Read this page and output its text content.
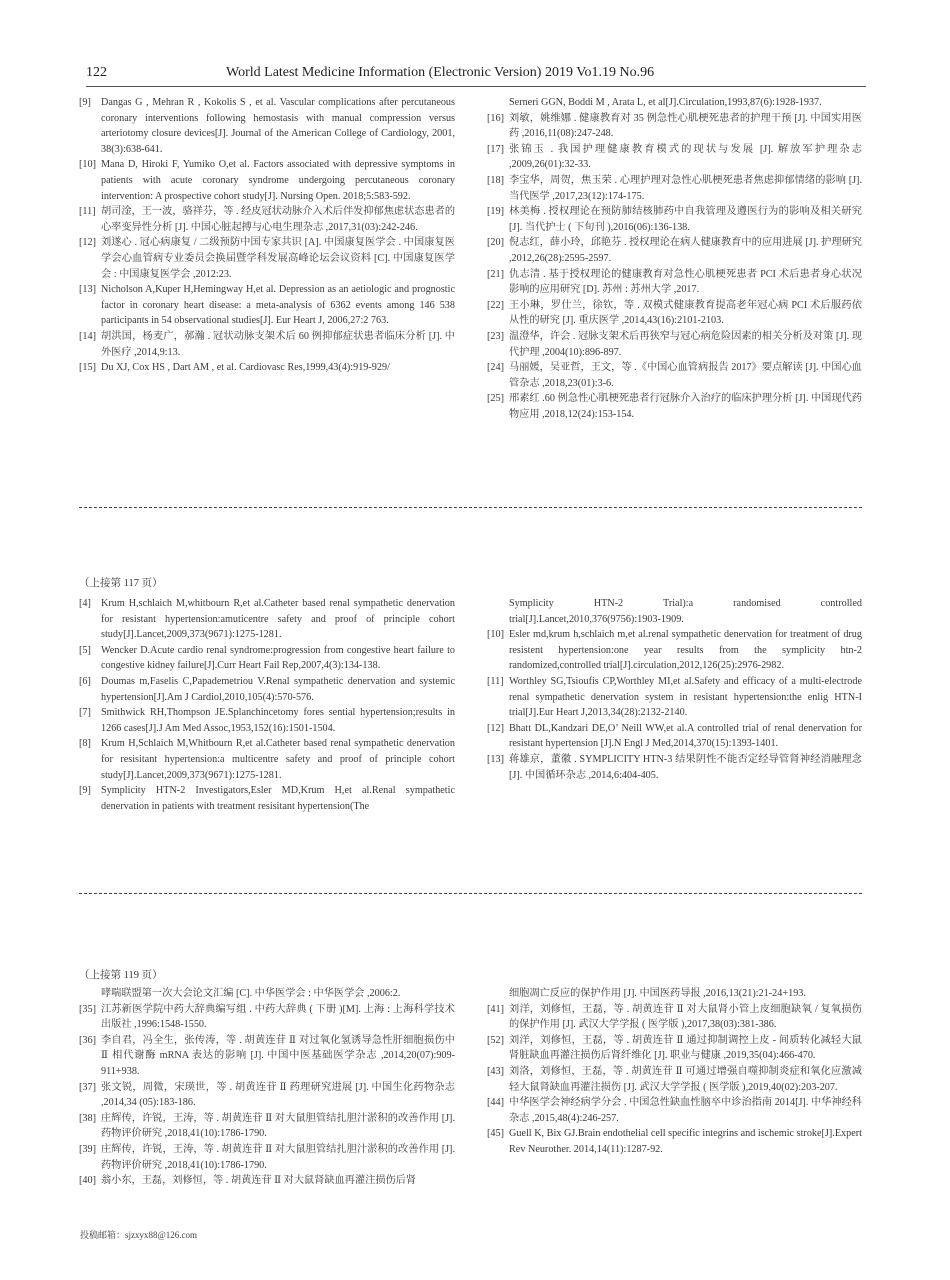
122	World Latest Medicine Information (Electronic Version) 2019 Vo1.19 No.96
[9] Dangas G , Mehran R , Kokolis S , et al. Vascular complications after percutaneous coronary interventions following hemostasis with manual compression versus arteriotomy closure devices[J]. Journal of the American College of Cardiology, 2001, 38(3):638-641.
[10] Mana D, Hiroki F, Yumiko O,et al. Factors associated with depressive symptoms in patients with acute coronary syndrome undergoing percutaneous coronary intervention: A prospective cohort study[J]. Nursing Open. 2018;5:583-592.
[11] 胡司淦，王一波，骆祥芬，等 . 经皮冠状动脉介入术后伴发抑郁焦虑状态患者的心率变异性分析 [J]. 中国心脏起搏与心电生理杂志 ,2017,31(03):242-246.
[12] 刘遂心 . 冠心病康复 / 二级预防中国专家共识 [A]. 中国康复医学会 . 中国康复医学会心血管病专业委员会换届暨学科发展高峰论坛会议资料 [C]. 中国康复医学会 : 中国康复医学会 ,2012:23.
[13] Nicholson A,Kuper H,Hemingway H,et al. Depression as an aetiologic and prognostic factor in coronary heart disease: a meta-analysis of 6362 events among 146 538 participants in 54 observational studies[J]. Eur Heart J, 2006,27:2 763.
[14] 胡洪国，杨麦广，郝瀚 . 冠状动脉支架术后 60 例抑郁症状患者临床分析 [J]. 中外医疗 ,2014,9:13.
[15] Du XJ, Cox HS , Dart AM , et al. Cardiovasc Res,1999,43(4):919-929/
Serneri GGN, Boddi M , Arata L, et al[J].Circulation,1993,87(6):1928-1937.
[16] 刘敏，姚维娜 . 健康教育对 35 例急性心肌梗死患者的护理干预 [J]. 中国实用医药 ,2016,11(08):247-248.
[17] 张锦玉 . 我国护理健康教育模式的现状与发展 [J]. 解放军护理杂志 ,2009,26(01):32-33.
[18] 李宝华，周贺，焦玉荣 . 心理护理对急性心肌梗死患者焦虑抑郁情绪的影响 [J]. 当代医学 ,2017,23(12):174-175.
[19] 林美梅 . 授权理论在预防肺结核肺药中自我管理及遵医行为的影响及相关研究 [J]. 当代护士 ( 下旬刊 ),2016(06):136-138.
[20] 倪志红，薛小玲，邱艳芬 . 授权理论在病人健康教育中的应用进展 [J]. 护理研究 ,2012,26(28):2595-2597.
[21] 仇志清 . 基于授权理论的健康教育对急性心肌梗死患者 PCI 术后患者身心状况影响的应用研究 [D]. 苏州 : 苏州大学 ,2017.
[22] 王小琳，罗仕兰，徐钦，等 . 双模式健康教育提高老年冠心病 PCI 术后服药依从性的研究 [J]. 重庆医学 ,2014,43(16):2101-2103.
[23] 温澄华，许会 . 冠脉支架术后再狭窄与冠心病危险因素的相关分析及对策 [J]. 现代护理 ,2004(10):896-897.
[24] 马丽媛，吴亚哲，王文，等 .《中国心血管病报告 2017》要点解读 [J]. 中国心血管杂志 ,2018,23(01):3-6.
[25] 邢素红 .60 例急性心肌梗死患者行冠脉介入治疗的临床护理分析 [J]. 中国现代药物应用 ,2018,12(24):153-154.
（上接第 117 页）
[4] Krum H,schlaich M,whitbourn R,et al.Catheter based renal sympathetic denervation for resistant hypertension:amuticentre safety and proof of principle cohort study[J].Lancet,2009,373(9671):1275-1281.
[5] Wencker D.Acute cardio renal syndrome:progression from congestive heart failure to congestive kidney failure[J].Curr Heart Fail Rep,2007,4(3):134-138.
[6] Doumas m,Faselis C,Papademetriou V.Renal sympathetic denervation and systemic hypertension[J].Am J Cardiol,2010,105(4):570-576.
[7] Smithwick RH,Thompson JE.Splanchincetomy fores sential hypertension;results in 1266 cases[J].J Am Med Assoc,1953,152(16):1501-1504.
[8] Krum H,Schlaich M,Whitbourn R,et al.Catheter based renal sympathetic denervation for resisitant hypertension:a multicentre safety and proof of principle cohort study[J].Lancet,2009,373(9671):1275-1281.
[9] Symplicity HTN-2 Investigators,Esler MD,Krum H,et al.Renal sympathetic denervation in patients with treatment resisitant hypertension(The
Symplicity HTN-2 Trial):a randomised controlled trial[J].Lancet,2010,376(9756):1903-1909.
[10] Esler md,krum h,schlaich m,et al.renal sympathetic denervation for treatment of drug resistent hypertension:one year results from the symplicity htn-2 randomized,controlled trial[J].circulation,2012,126(25):2976-2982.
[11] Worthley SG,Tsioufis CP,Worthley MI,et al.Safety and efficacy of a multi-electrode renal sympathetic denervation system in resistant hypertension:the enlig HTN-I trial[J].Eur Heart J,2013,34(28):2132-2140.
[12] Bhatt DL,Kandzari DE,O’ Neill WW,et al.A controlled trial of renal denervation for resistant hypertension [J].N Engl J Med,2014,370(15):1393-1401.
[13] 蒋雄京，董徽 . SYMPLICITY HTN-3 结果阴性不能否定经导管肾神经消融理念 [J]. 中国循环杂志 ,2014,6:404-405.
（上接第 119 页）
哮喘联盟第一次大会论文汇编 [C]. 中华医学会 : 中华医学会 ,2006:2.
[35] 江苏新医学院中药大辞典编写组 . 中药大辞典 ( 下册 )[M]. 上海 : 上海科学技术出版社 ,1996:1548-1550.
[36] 李自君，冯全生，张传涛，等 . 胡黄连苷 Ⅱ 对过氧化氢诱导急性肝细胞损伤中 Ⅱ 相代谢酶 mRNA 表达的影响 [J]. 中国中医基础医学杂志 ,2014,20(07):909-911+938.
[37] 张文锐，周微，宋瑛世，等 . 胡黄连苷 Ⅱ 药理研究进展 [J]. 中国生化药物杂志 ,2014,34 (05):183-186.
[38] 庄辉传，许锐，王涛，等 . 胡黄连苷 Ⅱ 对大鼠胆管结扎胆汁淤积的改善作用 [J]. 药物评价研究 ,2018,41(10):1786-1790.
[39] 庄辉传，许锐，王涛，等 . 胡黄连苷 Ⅱ 对大鼠胆管结扎胆汁淤积的改善作用 [J]. 药物评价研究 ,2018,41(10):1786-1790.
[40] 翁小东，王磊，刘修恒，等 . 胡黄连苷 Ⅱ 对大鼠肾缺血再灌注损伤后肾
细胞凋亡反应的保护作用 [J]. 中国医药导报 ,2016,13(21):21-24+193.
[41] 刘洋，刘修恒，王磊，等 . 胡黄连苷 Ⅱ 对大鼠肾小管上皮细胞缺氧 / 复氧损伤的保护作用 [J]. 武汉大学学报 ( 医学版 ),2017,38(03):381-386.
[52] 刘洋，刘修恒，王磊，等 . 胡黄连苷 Ⅱ 通过抑制调控上皮 - 间质转化减轻大鼠肾脏缺血再灌注损伤后肾纤维化 [J]. 职业与健康 ,2019,35(04):466-470.
[43] 刘洛，刘修恒，王磊，等 . 胡黄连苷 Ⅱ 可通过增强自噬抑制炎症和氧化应激减轻大鼠肾缺血再灌注损伤 [J]. 武汉大学学报 ( 医学版 ),2019,40(02):203-207.
[44] 中华医学会神经病学分会 . 中国急性缺血性脑卒中诊治指南 2014[J]. 中华神经科杂志 ,2015,48(4):246-257.
[45] Guell K, Bix GJ.Brain endothelial cell specific integrins and ischemic stroke[J].Expert Rev Neurother. 2014,14(11):1287-92.
投稿邮箱：sjzxyx88@126.com
